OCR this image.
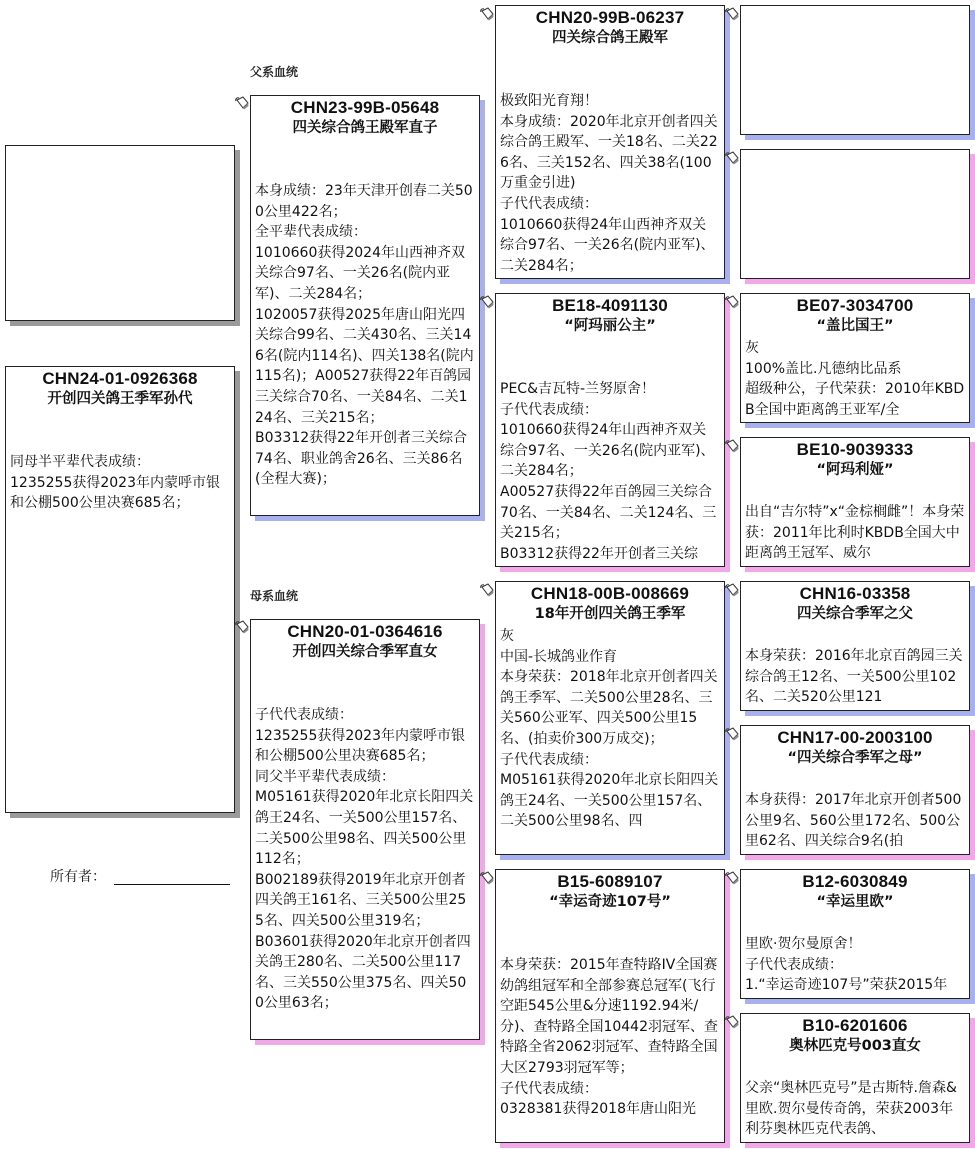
CHN24-01-0926368
开创四关鸽王季军孙代
同母半平辈代表成绩：
1235255获得2023年内蒙呼市银和公棚500公里决赛685名；
所有者：
父系血统
CHN23-99B-05648
四关综合鸽王殿军直子
本身成绩：23年天津开创春二关500公里422名；
全平辈代表成绩：
1010660获得2024年山西神齐双关综合97名、一关26名(院内亚军)、二关284名；
1020057获得2025年唐山阳光四关综合99名、二关430名、三关146名(院内114名)、四关138名(院内115名)；A00527获得22年百鸽园三关综合70名、一关84名、二关124名、三关215名；
B03312获得22年开创者三关综合74名、职业鸽舍26名、三关86名(全程大赛)；
母系血统
CHN20-01-0364616
开创四关综合季军直女
子代代表成绩：
1235255获得2023年内蒙呼市银和公棚500公里决赛685名；
同父半平辈代表成绩：
M05161获得2020年北京长阳四关鸽王24名、一关500公里157名、二关500公里98名、四关500公里112名；
B002189获得2019年北京开创者四关鸽王161名、三关500公里255名、四关500公里319名；
B03601获得2020年北京开创者四关鸽王280名、二关500公里117名、三关550公里375名、四关500公里63名；
CHN20-99B-06237
四关综合鸽王殿军
极致阳光育翔！
本身成绩：2020年北京开创者四关综合鸽王殿军、一关18名、二关226名、三关152名、四关38名(100万重金引进)
子代代表成绩：
1010660获得24年山西神齐双关综合97名、一关26名(院内亚军)、二关284名；
BE18-4091130
“阿玛丽公主”
PEC&吉瓦特-兰努原舍！
子代代表成绩：
1010660获得24年山西神齐双关综合97名、一关26名(院内亚军)、二关284名；
A00527获得22年百鸽园三关综合70名、一关84名、二关124名、三关215名；
B03312获得22年开创者三关综
CHN18-00B-008669
18年开创四关鸽王季军
灰
中国-长城鸽业作育
本身荣获：2018年北京开创者四关鸽王季军、二关500公里28名、三关560公亚军、四关500公里15名、(拍卖价300万成交)；
子代代表成绩：
M05161获得2020年北京长阳四关鸽王24名、一关500公里157名、二关500公里98名、四
B15-6089107
“幸运奇迹107号”
本身荣获：2015年查特路IV全国赛幼鸽组冠军和全部参赛总冠军(飞行空距545公里&分速1192.94米/分)、查特路全国10442羽冠军、查特路全省2062羽冠军、查特路全国大区2793羽冠军等；
子代代表成绩：
0328381获得2018年唐山阳光
BE07-3034700
“盖比国王”
灰
100%盖比.凡德纳比品系
超级种公，子代荣获：2010年KBDB全国中距离鸽王亚军/全
BE10-9039333
“阿玛利娅”
出自“吉尔特”x“金棕榈雌”！本身荣获：2011年比利时KBDB全国大中距离鸽王冠军、威尔
CHN16-03358
四关综合季军之父
本身荣获：2016年北京百鸽园三关综合鸽王12名、一关500公里102名、二关520公里121
CHN17-00-2003100
“四关综合季军之母”
本身获得：2017年北京开创者500公里9名、560公里172名、500公里62名、四关综合9名(拍
B12-6030849
“幸运里欧”
里欧·贺尔曼原舍！
子代代表成绩：
1.“幸运奇迹107号”荣获2015年
B10-6201606
奥林匹克号003直女
父亲“奥林匹克号”是古斯特.詹森&里欧.贺尔曼传奇鸽，荣获2003年利芬奥林匹克代表鸽、
